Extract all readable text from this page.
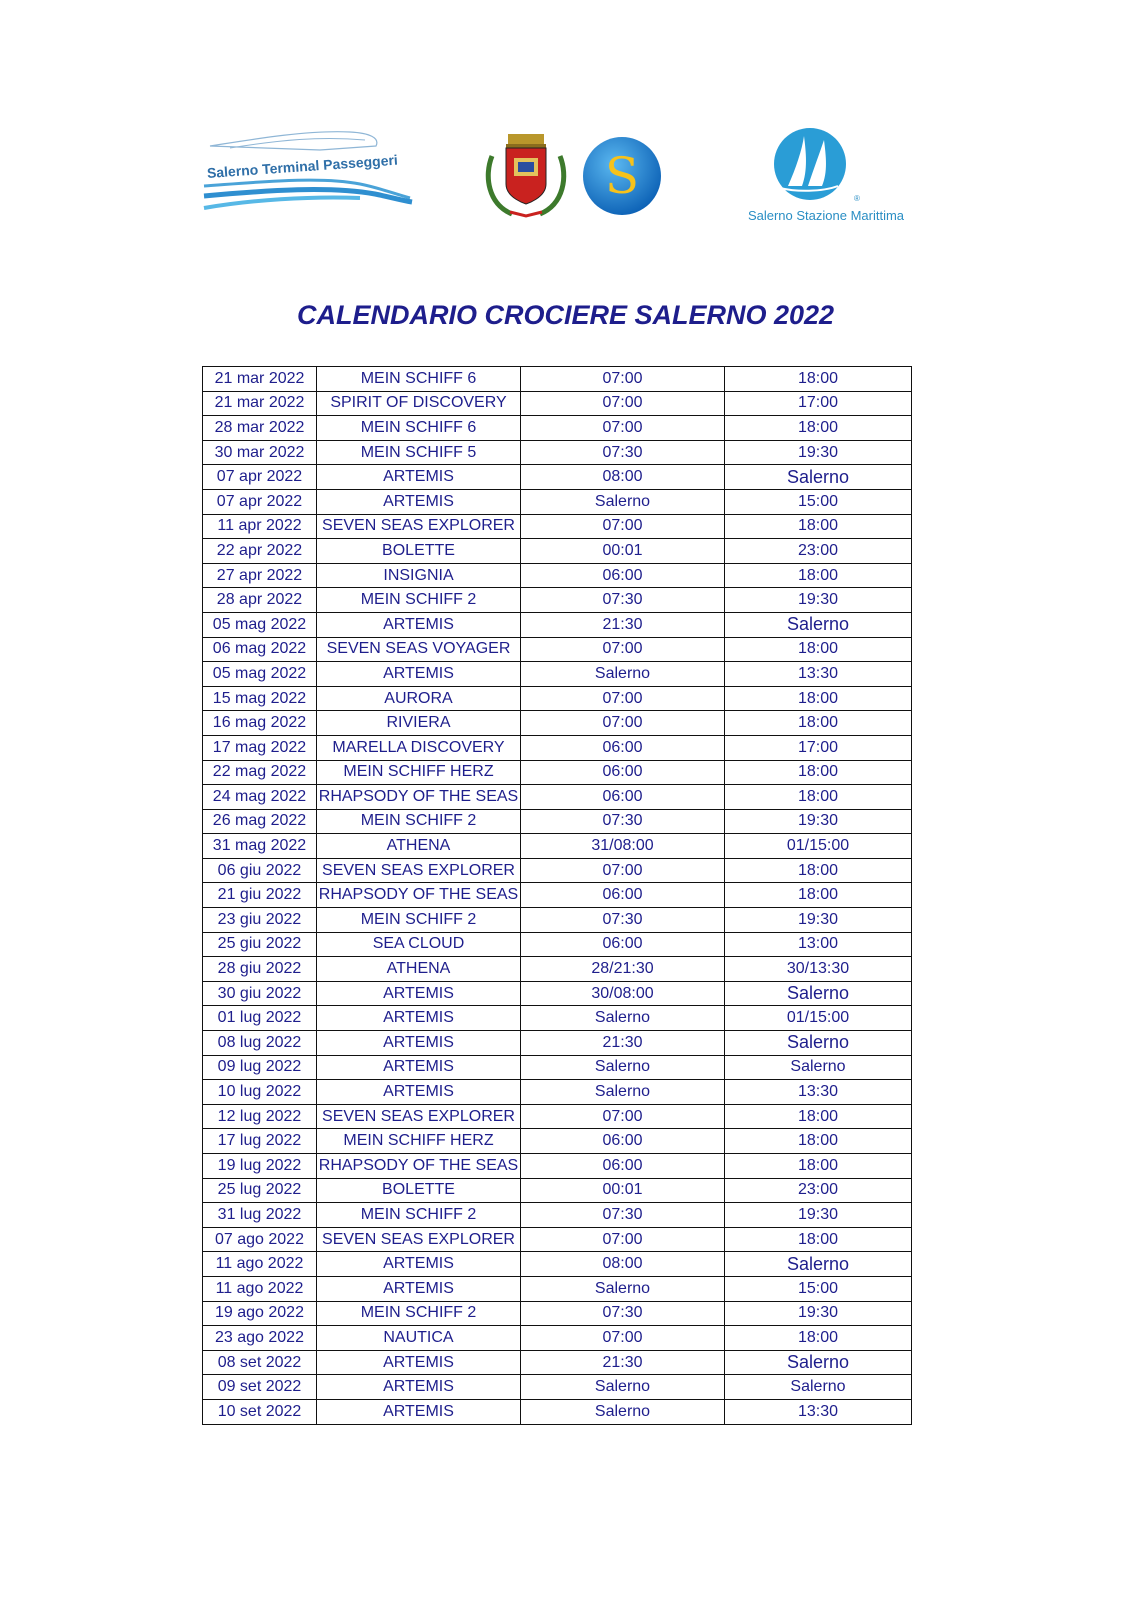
Salerno Terminal Passeggeri	S	®
Salerno Stazione Marittima
CALENDARIO CROCIERE SALERNO 2022
21 mar 2022	MEIN SCHIFF 6	07:00	18:00
21 mar 2022	SPIRIT OF DISCOVERY	07:00	17:00
28 mar 2022	MEIN SCHIFF 6	07:00	18:00
30 mar 2022	MEIN SCHIFF 5	07:30	19:30
07 apr 2022	ARTEMIS	08:00	Salerno
07 apr 2022	ARTEMIS	Salerno	15:00
11 apr 2022	SEVEN SEAS EXPLORER	07:00	18:00
22 apr 2022	BOLETTE	00:01	23:00
27 apr 2022	INSIGNIA	06:00	18:00
28 apr 2022	MEIN SCHIFF 2	07:30	19:30
05 mag 2022	ARTEMIS	21:30	Salerno
06 mag 2022	SEVEN SEAS VOYAGER	07:00	18:00
05 mag 2022	ARTEMIS	Salerno	13:30
15 mag 2022	AURORA	07:00	18:00
16 mag 2022	RIVIERA	07:00	18:00
17 mag 2022	MARELLA DISCOVERY	06:00	17:00
22 mag 2022	MEIN SCHIFF HERZ	06:00	18:00
24 mag 2022	RHAPSODY OF THE SEAS	06:00	18:00
26 mag 2022	MEIN SCHIFF 2	07:30	19:30
31 mag 2022	ATHENA	31/08:00	01/15:00
06 giu 2022	SEVEN SEAS EXPLORER	07:00	18:00
21 giu 2022	RHAPSODY OF THE SEAS	06:00	18:00
23 giu 2022	MEIN SCHIFF 2	07:30	19:30
25 giu 2022	SEA CLOUD	06:00	13:00
28 giu 2022	ATHENA	28/21:30	30/13:30
30 giu 2022	ARTEMIS	30/08:00	Salerno
01 lug 2022	ARTEMIS	Salerno	01/15:00
08 lug 2022	ARTEMIS	21:30	Salerno
09 lug 2022	ARTEMIS	Salerno	Salerno
10 lug 2022	ARTEMIS	Salerno	13:30
12 lug 2022	SEVEN SEAS EXPLORER	07:00	18:00
17 lug 2022	MEIN SCHIFF HERZ	06:00	18:00
19 lug 2022	RHAPSODY OF THE SEAS	06:00	18:00
25 lug 2022	BOLETTE	00:01	23:00
31 lug 2022	MEIN SCHIFF 2	07:30	19:30
07 ago 2022	SEVEN SEAS EXPLORER	07:00	18:00
11 ago 2022	ARTEMIS	08:00	Salerno
11 ago 2022	ARTEMIS	Salerno	15:00
19 ago 2022	MEIN SCHIFF 2	07:30	19:30
23 ago 2022	NAUTICA	07:00	18:00
08 set 2022	ARTEMIS	21:30	Salerno
09 set 2022	ARTEMIS	Salerno	Salerno
10 set 2022	ARTEMIS	Salerno	13:30
